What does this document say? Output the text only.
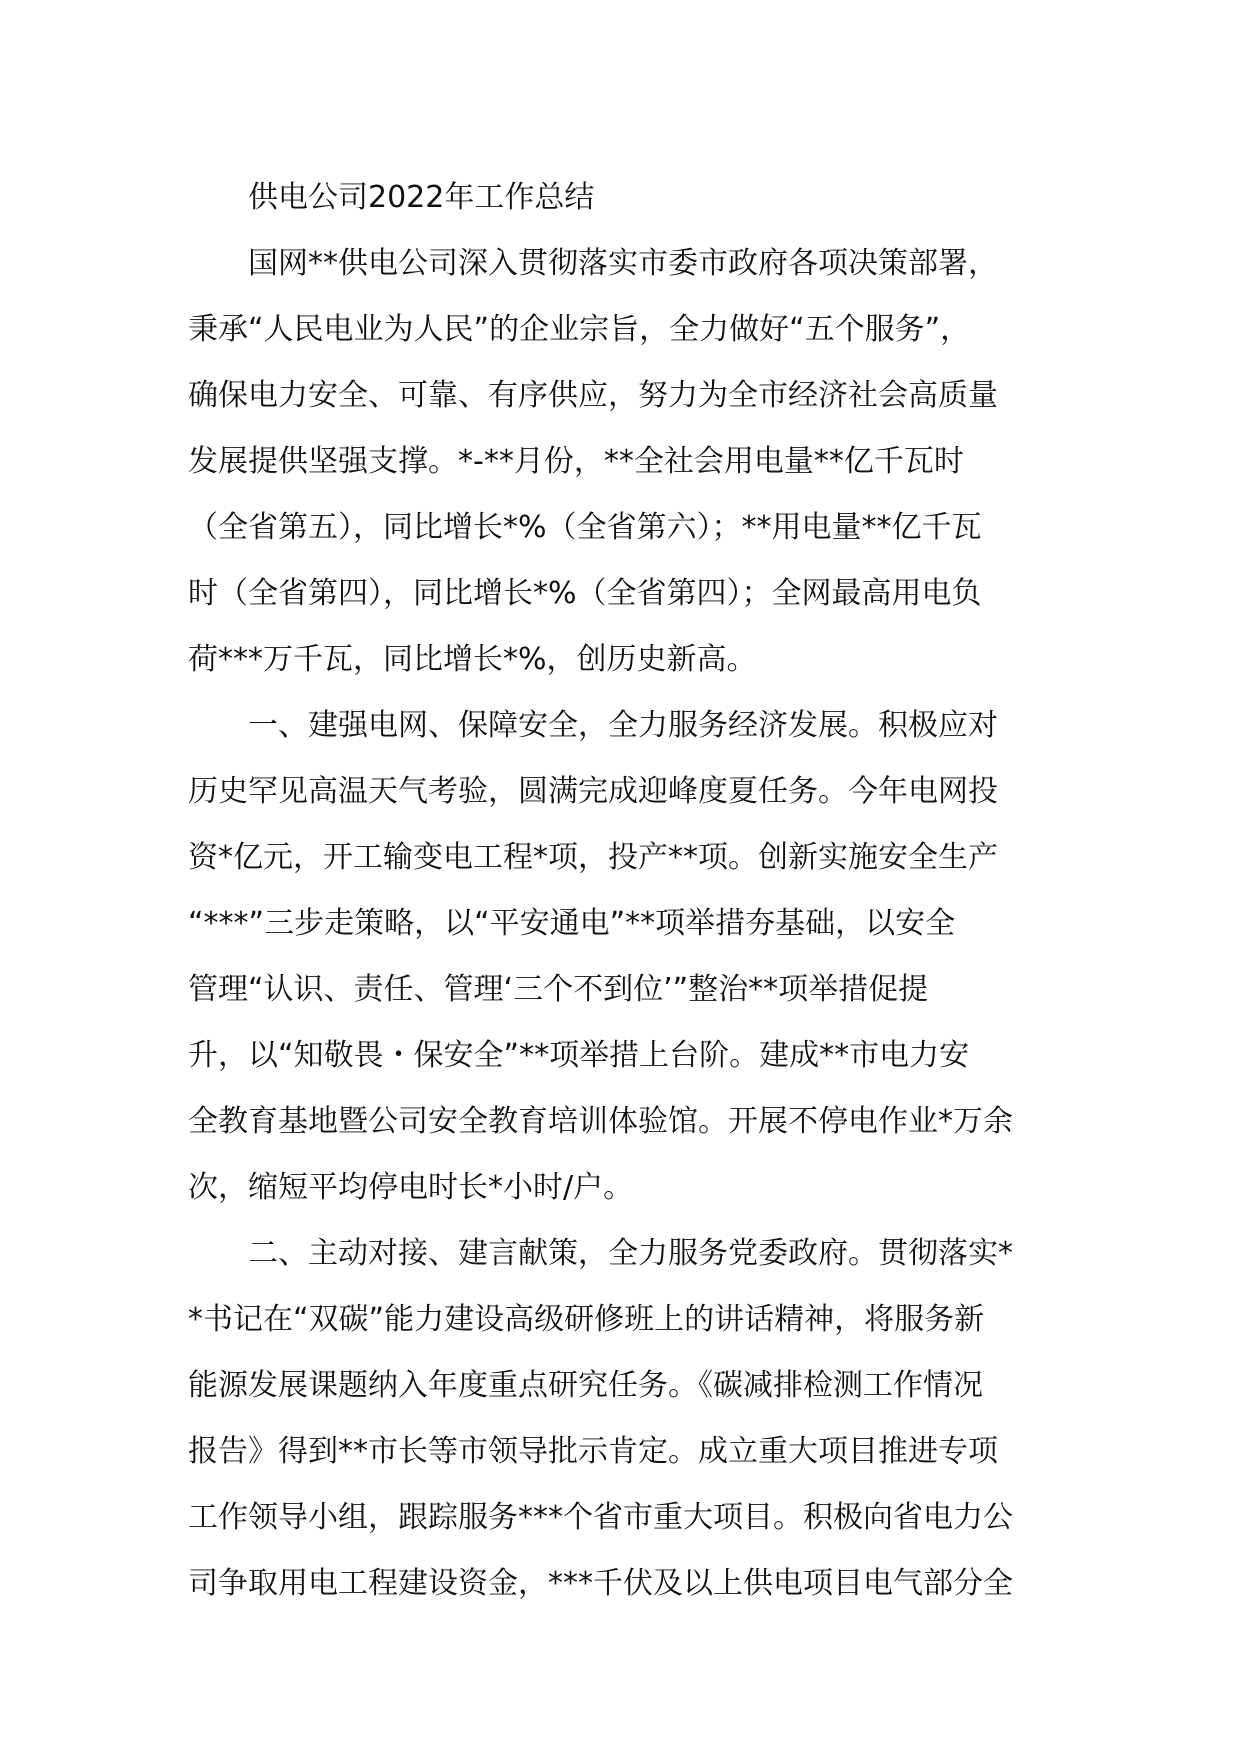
供电公司2022年工作总结
国网**供电公司深入贯彻落实市委市政府各项决策部署，
秉承“人民电业为人民”的企业宗旨，全力做好“五个服务”，
确保电力安全、可靠、有序供应，努力为全市经济社会高质量
发展提供坚强支撑。*-**月份，**全社会用电量**亿千瓦时
（全省第五），同比增长*%（全省第六）；**用电量**亿千瓦
时（全省第四），同比增长*%（全省第四）；全网最高用电负
荷***万千瓦，同比增长*%，创历史新高。
一、建强电网、保障安全，全力服务经济发展。积极应对
历史罕见高温天气考验，圆满完成迎峰度夏任务。今年电网投
资*亿元，开工输变电工程*项，投产**项。创新实施安全生产
“***”三步走策略，以“平安通电”**项举措夯基础，以安全
管理“认识、责任、管理‘三个不到位’”整治**项举措促提
升，以“知敬畏・保安全”**项举措上台阶。建成**市电力安
全教育基地暨公司安全教育培训体验馆。开展不停电作业*万余
次，缩短平均停电时长*小时/户。
二、主动对接、建言献策，全力服务党委政府。贯彻落实*
*书记在“双碳”能力建设高级研修班上的讲话精神，将服务新
能源发展课题纳入年度重点研究任务。《碳减排检测工作情况
报告》得到**市长等市领导批示肯定。成立重大项目推进专项
工作领导小组，跟踪服务***个省市重大项目。积极向省电力公
司争取用电工程建设资金，***千伏及以上供电项目电气部分全
